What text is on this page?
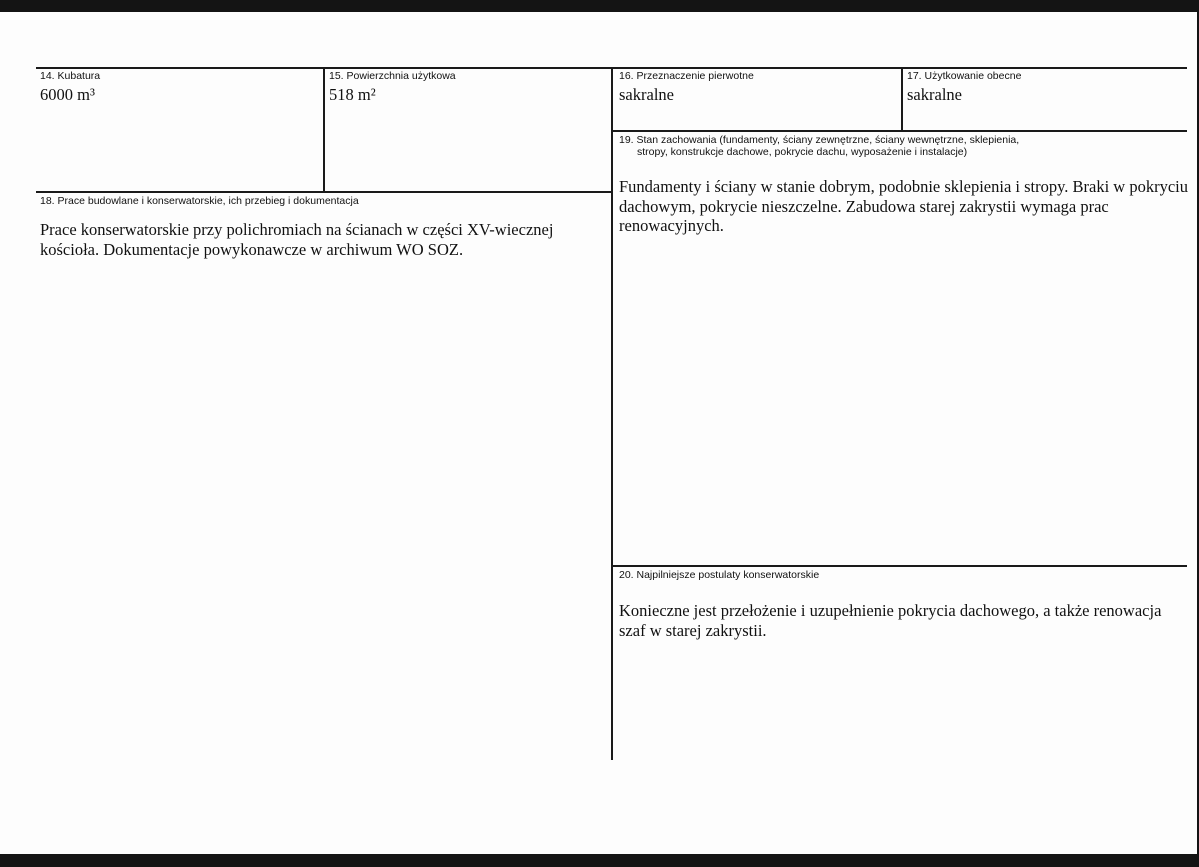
14. Kubatura
6000 m³
15. Powierzchnia użytkowa
518 m²
16. Przeznaczenie pierwotne
sakralne
17. Użytkowanie obecne
sakralne
19. Stan zachowania (fundamenty, ściany zewnętrzne, ściany wewnętrzne, sklepienia,
stropy, konstrukcje dachowe, pokrycie dachu, wyposażenie i instalacje)
Fundamenty i ściany w stanie dobrym, podobnie sklepienia i stropy. Braki w pokryciu dachowym, pokrycie nieszczelne. Zabudowa starej zakrystii wymaga prac renowacyjnych.
18. Prace budowlane i konserwatorskie, ich przebieg i dokumentacja
Prace konserwatorskie przy polichromiach na ścianach w części XV-wiecznej kościoła. Dokumentacje powykonawcze w archiwum WO SOZ.
20. Najpilniejsze postulaty konserwatorskie
Konieczne jest przełożenie i uzupełnienie pokrycia dachowego, a także renowacja szaf w starej zakrystii.
